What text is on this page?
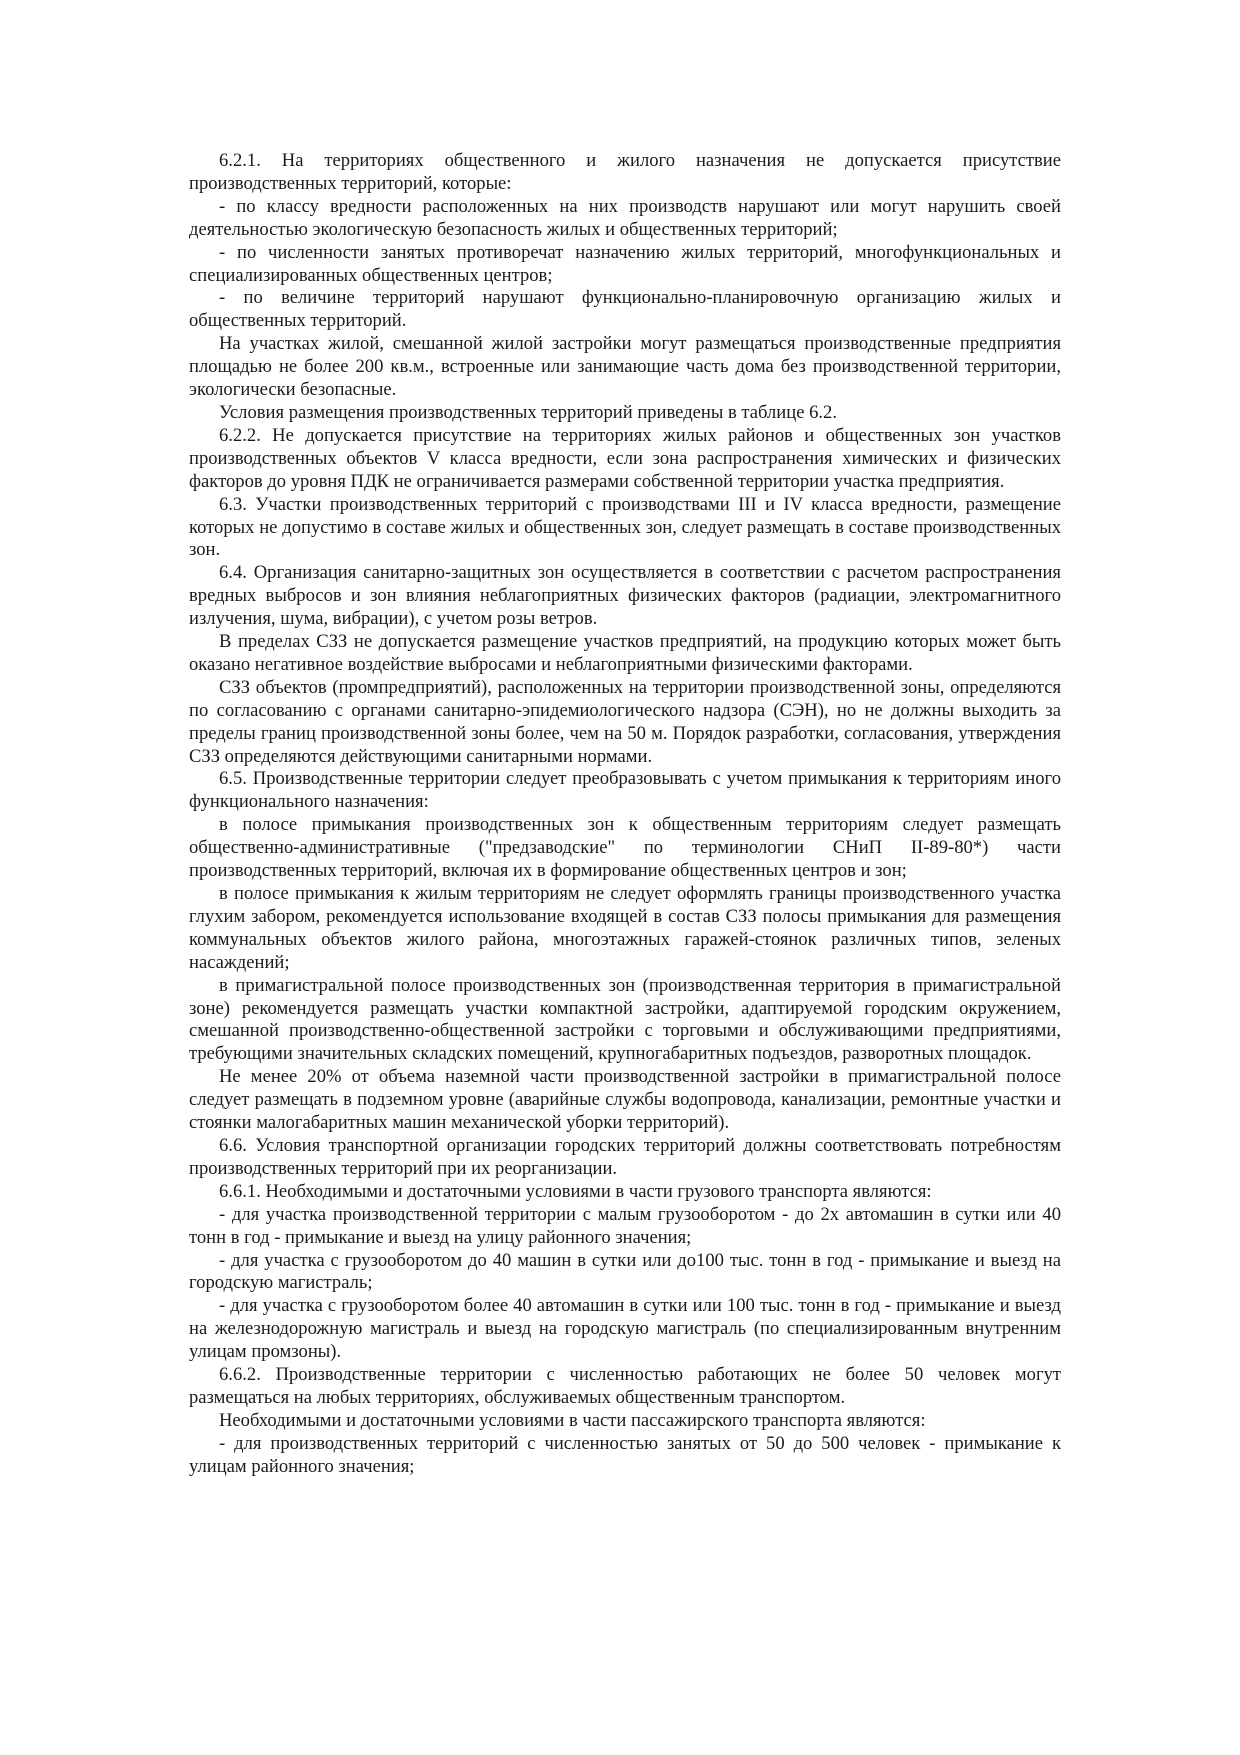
6.2.1. На территориях общественного и жилого назначения не допускается присутствие производственных территорий, которые:

- по классу вредности расположенных на них производств нарушают или могут нарушить своей деятельностью экологическую безопасность жилых и общественных территорий;

- по численности занятых противоречат назначению жилых территорий, многофункциональных и специализированных общественных центров;

- по величине территорий нарушают функционально-планировочную организацию жилых и общественных территорий.

На участках жилой, смешанной жилой застройки могут размещаться производственные предприятия площадью не более 200 кв.м., встроенные или занимающие часть дома без производственной территории, экологически безопасные.

Условия размещения производственных территорий приведены в таблице 6.2.

6.2.2. Не допускается присутствие на территориях жилых районов и общественных зон участков производственных объектов V класса вредности, если зона распространения химических и физических факторов до уровня ПДК не ограничивается размерами собственной территории участка предприятия.

6.3. Участки производственных территорий с производствами III и IV класса вредности, размещение которых не допустимо в составе жилых и общественных зон, следует размещать в составе производственных зон.

6.4. Организация санитарно-защитных зон осуществляется в соответствии с расчетом распространения вредных выбросов и зон влияния неблагоприятных физических факторов (радиации, электромагнитного излучения, шума, вибрации), с учетом розы ветров.

В пределах СЗЗ не допускается размещение участков предприятий, на продукцию которых может быть оказано негативное воздействие выбросами и неблагоприятными физическими факторами.

СЗЗ объектов (промпредприятий), расположенных на территории производственной зоны, определяются по согласованию с органами санитарно-эпидемиологического надзора (СЭН), но не должны выходить за пределы границ производственной зоны более, чем на 50 м. Порядок разработки, согласования, утверждения СЗЗ определяются действующими санитарными нормами.

6.5. Производственные территории следует преобразовывать с учетом примыкания к территориям иного функционального назначения:

в полосе примыкания производственных зон к общественным территориям следует размещать общественно-административные ("предзаводские" по терминологии СНиП II-89-80*) части производственных территорий, включая их в формирование общественных центров и зон;

в полосе примыкания к жилым территориям не следует оформлять границы производственного участка глухим забором, рекомендуется использование входящей в состав СЗЗ полосы примыкания для размещения коммунальных объектов жилого района, многоэтажных гаражей-стоянок различных типов, зеленых насаждений;

в примагистральной полосе производственных зон (производственная территория в примагистральной зоне) рекомендуется размещать участки компактной застройки, адаптируемой городским окружением, смешанной производственно-общественной застройки с торговыми и обслуживающими предприятиями, требующими значительных складских помещений, крупногабаритных подъездов, разворотных площадок.

Не менее 20% от объема наземной части производственной застройки в примагистральной полосе следует размещать в подземном уровне (аварийные службы водопровода, канализации, ремонтные участки и стоянки малогабаритных машин механической уборки территорий).

6.6. Условия транспортной организации городских территорий должны соответствовать потребностям производственных территорий при их реорганизации.

6.6.1. Необходимыми и достаточными условиями в части грузового транспорта являются:

- для участка производственной территории с малым грузооборотом - до 2х автомашин в сутки или 40 тонн в год - примыкание и выезд на улицу районного значения;

- для участка с грузооборотом до 40 машин в сутки или до100 тыс. тонн в год - примыкание и выезд на городскую магистраль;

- для участка с грузооборотом более 40 автомашин в сутки или 100 тыс. тонн в год - примыкание и выезд на железнодорожную магистраль и выезд на городскую магистраль (по специализированным внутренним улицам промзоны).

6.6.2. Производственные территории с численностью работающих не более 50 человек могут размещаться на любых территориях, обслуживаемых общественным транспортом.

Необходимыми и достаточными условиями в части пассажирского транспорта являются:

- для производственных территорий с численностью занятых от 50 до 500 человек - примыкание к улицам районного значения;
